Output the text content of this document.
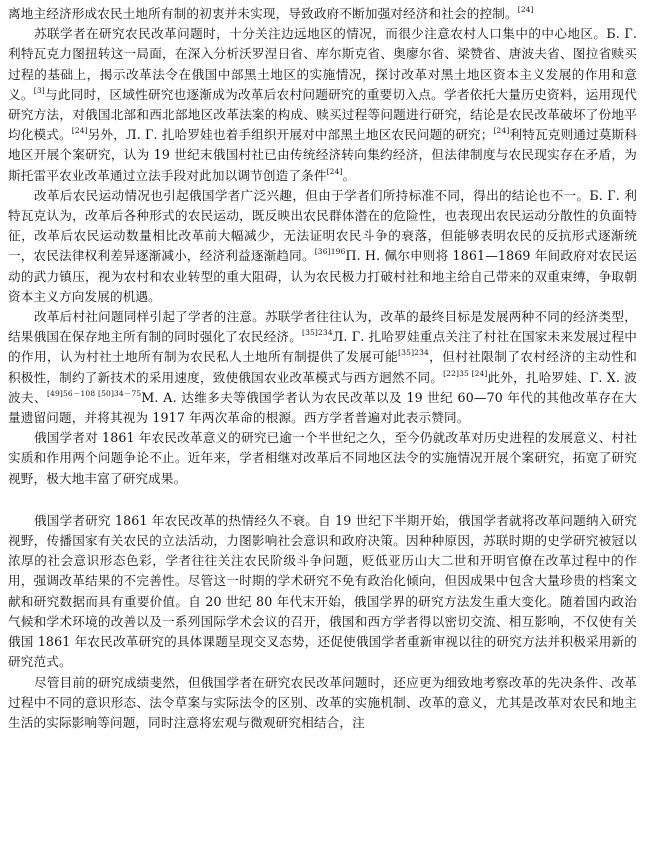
离地主经济形成农民土地所有制的初衷并未实现，导致政府不断加强对经济和社会的控制。[24]

苏联学者在研究农民改革问题时，十分关注边远地区的情况，而很少注意农村人口集中的中心地区。Б. Г. 利特瓦克力图扭转这一局面，在深入分析沃罗涅日省、库尔斯克省、奥廖尔省、梁赞省、唐波夫省、图拉省赎买过程的基础上，揭示改革法令在俄国中部黑土地区的实施情况，探讨改革对黑土地区资本主义发展的作用和意义。[3]与此同时，区域性研究也逐渐成为改革后农村问题研究的重要切入点。学者依托大量历史资料，运用现代研究方法，对俄国北部和西北部地区改革法案的构成、赎买过程等问题进行研究，结论是农民改革破坏了份地平均化模式。[24]另外，Л. Г. 扎哈罗娃也着手组织开展对中部黑土地区农民问题的研究；[24]利特瓦克则通过莫斯科地区开展个案研究，认为 19 世纪末俄国村社已由传统经济转向集约经济，但法律制度与农民现实存在矛盾，为斯托雷平农业改革通过立法手段对此加以调节创造了条件[24]。

改革后农民运动情况也引起俄国学者广泛兴趣，但由于学者们所持标准不同，得出的结论也不一。Б. Г. 利特瓦克认为，改革后各种形式的农民运动，既反映出农民群体潜在的危险性，也表现出农民运动分散性的负面特征，改革后农民运动数量相比改革前大幅减少，无法证明农民斗争的衰落，但能够表明农民的反抗形式逐渐统一，农民法律权利差异逐渐减小，经济利益逐渐趋同。$^{[36]196}$П. Н. 佩尔申则将 1861—1869 年间政府对农民运动的武力镇压，视为农村和农业转型的重大阻碍，认为农民极力打破村社和地主给自己带来的双重束缚，争取朝资本主义方向发展的机遇。

改革后村社问题同样引起了学者的注意。苏联学者往往认为，改革的最终目标是发展两种不同的经济类型，结果俄国在保存地主所有制的同时强化了农民经济。$^{[35]234}$Л. Г. 扎哈罗娃重点关注了村社在国家未来发展过程中的作用，认为村社土地所有制为农民私人土地所有制提供了发展可能$^{[35]234}$，但村社限制了农村经济的主动性和积极性，制约了新技术的采用速度，致使俄国农业改革模式与西方迥然不同。[22]35 [24]此外，扎哈罗娃、Г. Х. 波波夫、$^{[49]56-108 [50]34-75}$М. А. 达维多夫等俄国学者认为农民改革以及 19 世纪 60—70 年代的其他改革存在大量遗留问题，并将其视为 1917 年两次革命的根源。西方学者普遍对此表示赞同。

俄国学者对 1861 年农民改革意义的研究已逾一个半世纪之久，至今仍就改革对历史进程的发展意义、村社实质和作用两个问题争论不止。近年来，学者相继对改革后不同地区法令的实施情况开展个案研究，拓宽了研究视野，极大地丰富了研究成果。

俄国学者研究 1861 年农民改革的热情经久不衰。自 19 世纪下半期开始，俄国学者就将改革问题纳入研究视野，传播国家有关农民的立法活动，力图影响社会意识和政府决策。因种种原因，苏联时期的史学研究被冠以浓厚的社会意识形态色彩，学者往往关注农民阶级斗争问题，贬低亚历山大二世和开明官僚在改革过程中的作用，强调改革结果的不完善性。尽管这一时期的学术研究不免有政治化倾向，但因成果中包含大量珍贵的档案文献和研究数据而具有重要价值。自 20 世纪 80 年代末开始，俄国学界的研究方法发生重大变化。随着国内政治气候和学术环境的改善以及一系列国际学术会议的召开，俄国和西方学者得以密切交流、相互影响，不仅使有关俄国 1861 年农民改革研究的具体课题呈现交叉态势，还促使俄国学者重新审视以往的研究方法并积极采用新的研究范式。

尽管目前的研究成绩斐然，但俄国学者在研究农民改革问题时，还应更为细致地考察改革的先决条件、改革过程中不同的意识形态、法令草案与实际法令的区别、改革的实施机制、改革的意义，尤其是改革对农民和地主生活的实际影响等问题，同时注意将宏观与微观研究相结合，注
